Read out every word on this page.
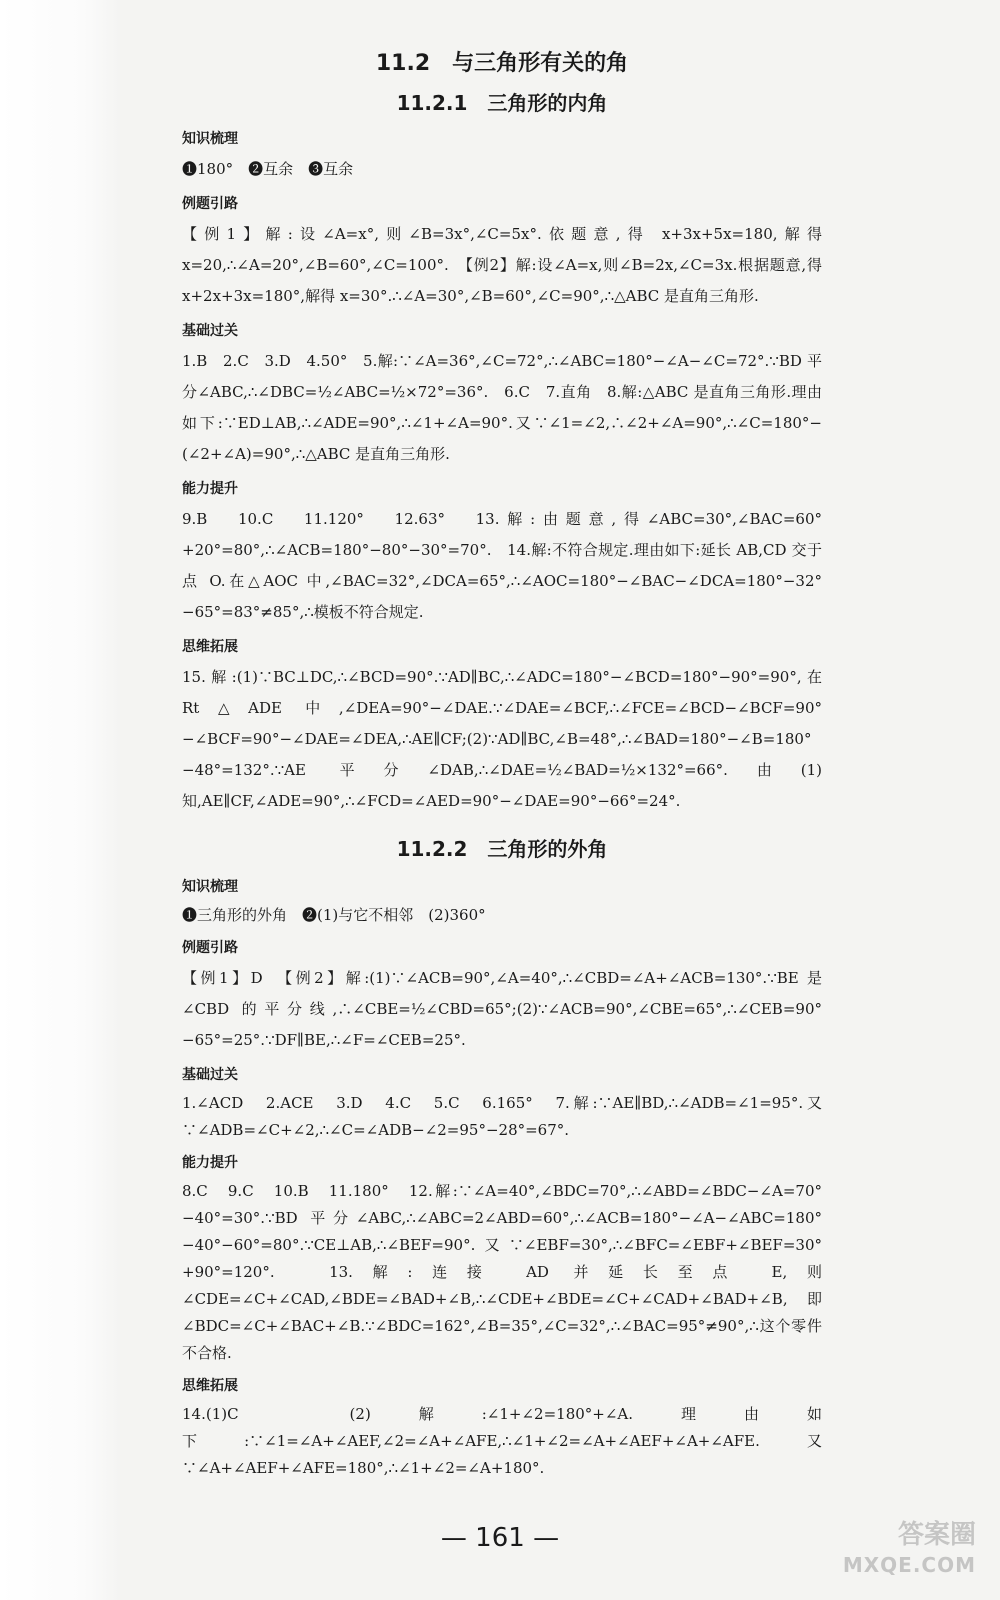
11.2　与三角形有关的角
11.2.1　三角形的内角
知识梳理

❶180°　❷互余　❸互余

例题引路

【例1】解:设∠A=x°,则∠B=3x°,∠C=5x°.依题意,得 x+3x+5x=180,解得 x=20,∴∠A=20°,∠B=60°,∠C=100°.　【例2】解:设∠A=x,则∠B=2x,∠C=3x.根据题意,得 x+2x+3x=180°,解得 x=30°.∴∠A=30°,∠B=60°,∠C=90°,∴△ABC 是直角三角形.

基础过关

1.B　2.C　3.D　4.50°　5.解:∵∠A=36°,∠C=72°,∴∠ABC=180°−∠A−∠C=72°.∵BD 平分∠ABC,∴∠DBC=½∠ABC=½×72°=36°.　6.C　7.直角　8.解:△ABC 是直角三角形.理由如下:∵ED⊥AB,∴∠ADE=90°,∴∠1+∠A=90°.又∵∠1=∠2,∴∠2+∠A=90°,∴∠C=180°−(∠2+∠A)=90°,∴△ABC 是直角三角形.

能力提升

9.B　10.C　11.120°　12.63°　13.解:由题意,得∠ABC=30°,∠BAC=60°+20°=80°,∴∠ACB=180°−80°−30°=70°.　14.解:不符合规定.理由如下:延长 AB,CD 交于点 O.在△AOC 中,∠BAC=32°,∠DCA=65°,∴∠AOC=180°−∠BAC−∠DCA=180°−32°−65°=83°≠85°,∴模板不符合规定.

思维拓展

15.解:(1)∵BC⊥DC,∴∠BCD=90°.∵AD∥BC,∴∠ADC=180°−∠BCD=180°−90°=90°,在 Rt△ADE 中,∠DEA=90°−∠DAE.∵∠DAE=∠BCF,∴∠FCE=∠BCD−∠BCF=90°−∠BCF=90°−∠DAE=∠DEA,∴AE∥CF;(2)∵AD∥BC,∠B=48°,∴∠BAD=180°−∠B=180°−48°=132°.∵AE 平分∠DAB,∴∠DAE=½∠BAD=½×132°=66°.由(1)知,AE∥CF,∠ADE=90°,∴∠FCD=∠AED=90°−∠DAE=90°−66°=24°.

11.2.2　三角形的外角
知识梳理

❶三角形的外角　❷(1)与它不相邻　(2)360°

例题引路

【例1】D　【例2】解:(1)∵∠ACB=90°,∠A=40°,∴∠CBD=∠A+∠ACB=130°.∵BE 是∠CBD 的平分线,∴∠CBE=½∠CBD=65°;(2)∵∠ACB=90°,∠CBE=65°,∴∠CEB=90°−65°=25°.∵DF∥BE,∴∠F=∠CEB=25°.

基础过关

1.∠ACD　2.ACE　3.D　4.C　5.C　6.165°　7.解:∵AE∥BD,∴∠ADB=∠1=95°.又∵∠ADB=∠C+∠2,∴∠C=∠ADB−∠2=95°−28°=67°.

能力提升

8.C　9.C　10.B　11.180°　12.解:∵∠A=40°,∠BDC=70°,∴∠ABD=∠BDC−∠A=70°−40°=30°.∵BD 平分∠ABC,∴∠ABC=2∠ABD=60°,∴∠ACB=180°−∠A−∠ABC=180°−40°−60°=80°.∵CE⊥AB,∴∠BEF=90°.又∵∠EBF=30°,∴∠BFC=∠EBF+∠BEF=30°+90°=120°.　13.解:连接 AD 并延长至点 E,则∠CDE=∠C+∠CAD,∠BDE=∠BAD+∠B,∴∠CDE+∠BDE=∠C+∠CAD+∠BAD+∠B,即∠BDC=∠C+∠BAC+∠B.∵∠BDC=162°,∠B=35°,∠C=32°,∴∠BAC=95°≠90°,∴这个零件不合格.

思维拓展

14.(1)C　(2)解:∠1+∠2=180°+∠A.理由如下:∵∠1=∠A+∠AEF,∠2=∠A+∠AFE,∴∠1+∠2=∠A+∠AEF+∠A+∠AFE.又∵∠A+∠AEF+∠AFE=180°,∴∠1+∠2=∠A+180°.

— 161 —	答案圈
MXQE.COM
